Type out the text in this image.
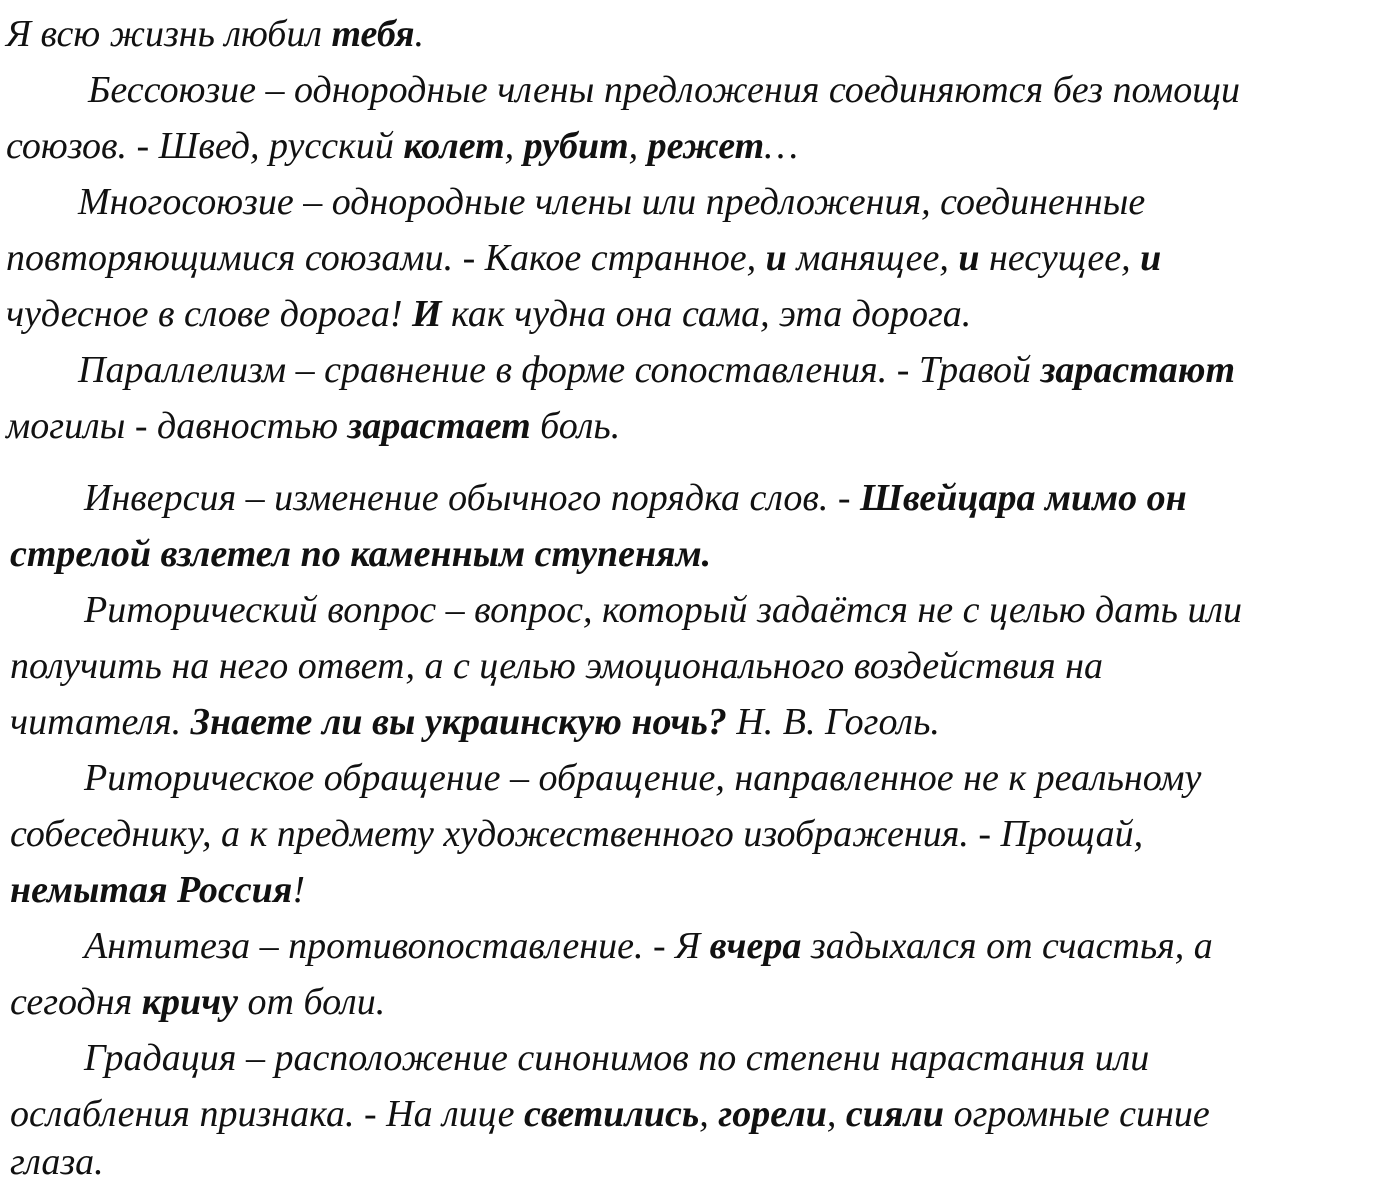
Я всю жизнь любил тебя.
Бессоюзие – однородные члены предложения соединяются без помощи
союзов. - Швед, русский колет, рубит, режет…
Многосоюзие – однородные члены или предложения, соединенные
повторяющимися союзами. - Какое странное, и манящее, и несущее, и
чудесное в слове дорога! И как чудна она сама, эта дорога.
Параллелизм – сравнение в форме сопоставления. - Травой зарастают
могилы - давностью зарастает боль.
Инверсия – изменение обычного порядка слов. - Швейцара мимо он
стрелой взлетел по каменным ступеням.
Риторический вопрос – вопрос, который задаётся не с целью дать или
получить на него ответ, а с целью эмоционального воздействия на
читателя. Знаете ли вы украинскую ночь? Н. В. Гоголь.
Риторическое обращение – обращение, направленное не к реальному
собеседнику, а к предмету художественного изображения. - Прощай,
немытая Россия!
Антитеза – противопоставление. - Я вчера задыхался от счастья, а
сегодня кричу от боли.
Градация – расположение синонимов по степени нарастания или
ослабления признака. - На лице светились, горели, сияли огромные синие
глаза.
